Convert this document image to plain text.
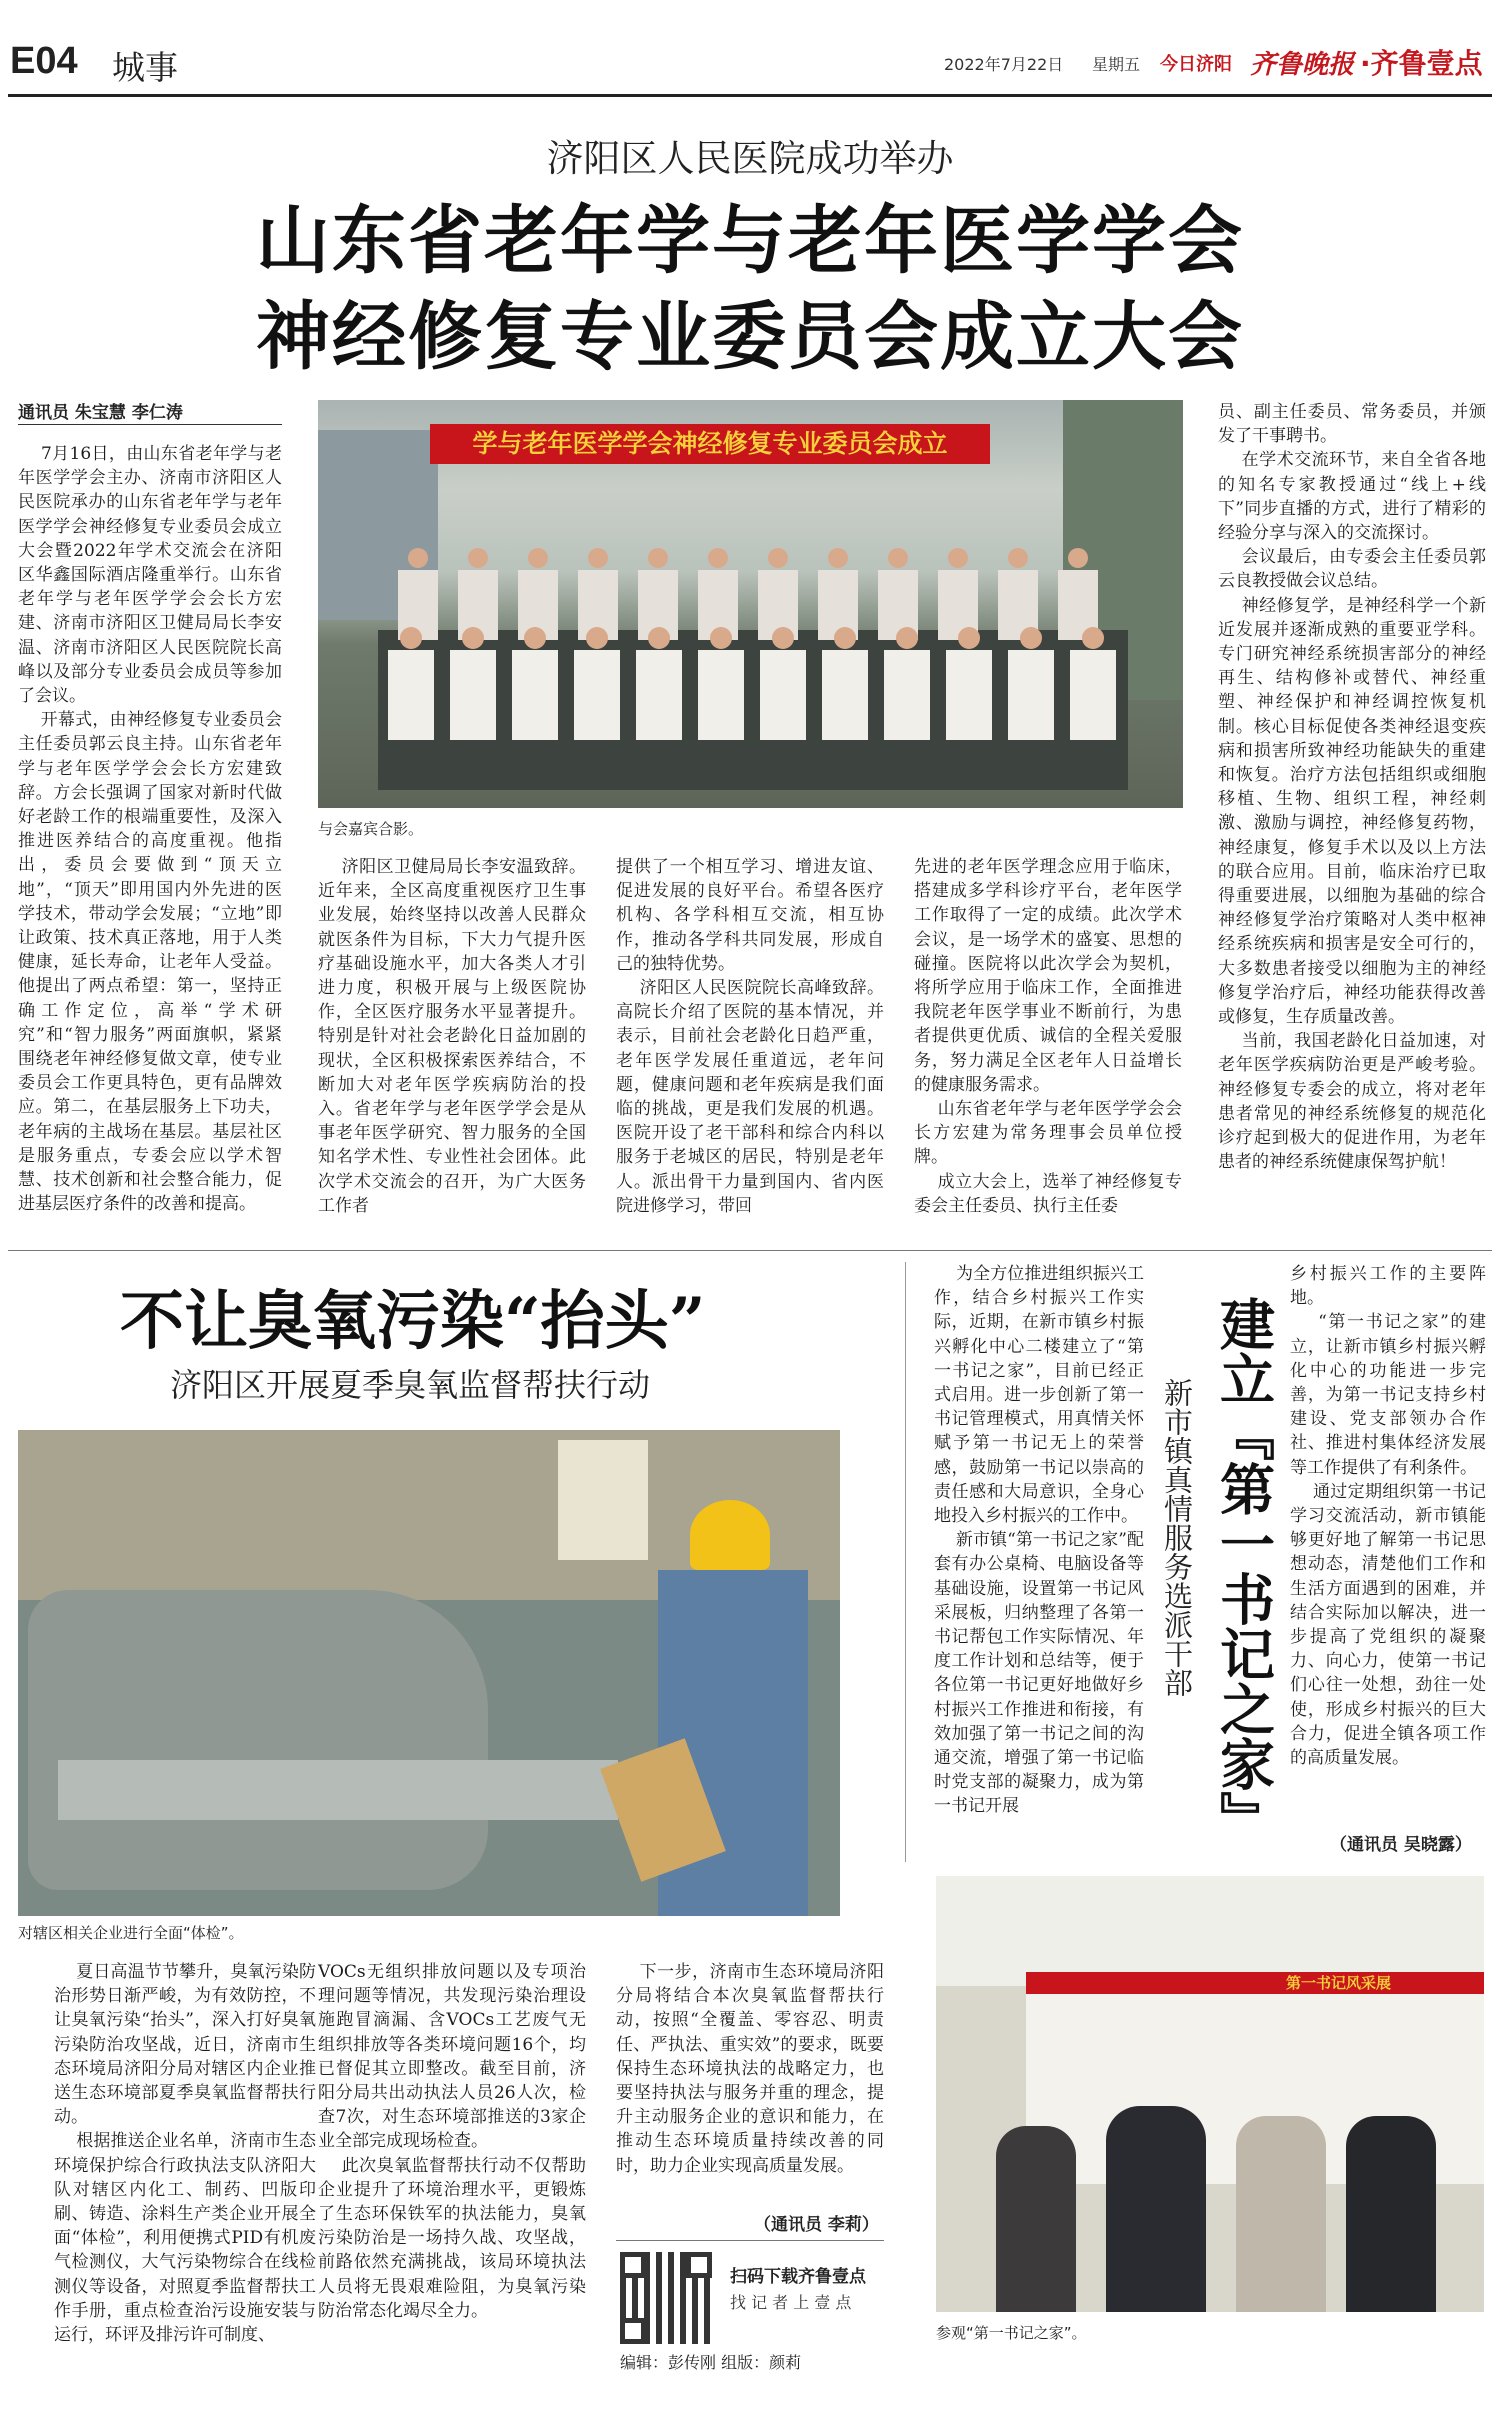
E04 城事	2022年7月22日 星期五 今日济阳 齐鲁晚报 ·齐鲁壹点
济阳区人民医院成功举办
山东省老年学与老年医学学会
神经修复专业委员会成立大会
通讯员 朱宝慧 李仁涛
学与老年医学学会神经修复专业委员会成立
与会嘉宾合影。
7月16日，由山东省老年学与老年医学学会主办、济南市济阳区人民医院承办的山东省老年学与老年医学学会神经修复专业委员会成立大会暨2022年学术交流会在济阳区华鑫国际酒店隆重举行。山东省老年学与老年医学学会会长方宏建、济南市济阳区卫健局局长李安温、济南市济阳区人民医院院长高峰以及部分专业委员会成员等参加了会议。
开幕式，由神经修复专业委员会主任委员郭云良主持。山东省老年学与老年医学学会会长方宏建致辞。方会长强调了国家对新时代做好老龄工作的根端重要性，及深入推进医养结合的高度重视。他指出，委员会要做到“顶天立地”，“顶天”即用国内外先进的医学技术，带动学会发展；“立地”即让政策、技术真正落地，用于人类健康，延长寿命，让老年人受益。他提出了两点希望：第一，坚持正确工作定位，高举“学术研究”和“智力服务”两面旗帜，紧紧围绕老年神经修复做文章，使专业委员会工作更具特色，更有品牌效应。第二，在基层服务上下功夫，老年病的主战场在基层。基层社区是服务重点，专委会应以学术智慧、技术创新和社会整合能力，促进基层医疗条件的改善和提高。
济阳区卫健局局长李安温致辞。近年来，全区高度重视医疗卫生事业发展，始终坚持以改善人民群众就医条件为目标，下大力气提升医疗基础设施水平，加大各类人才引进力度，积极开展与上级医院协作，全区医疗服务水平显著提升。特别是针对社会老龄化日益加剧的现状，全区积极探索医养结合，不断加大对老年医学疾病防治的投入。省老年学与老年医学学会是从事老年医学研究、智力服务的全国知名学术性、专业性社会团体。此次学术交流会的召开，为广大医务工作者
提供了一个相互学习、增进友谊、促进发展的良好平台。希望各医疗机构、各学科相互交流，相互协作，推动各学科共同发展，形成自己的独特优势。
济阳区人民医院院长高峰致辞。高院长介绍了医院的基本情况，并表示，目前社会老龄化日趋严重，老年医学发展任重道远，老年问题，健康问题和老年疾病是我们面临的挑战，更是我们发展的机遇。医院开设了老干部科和综合内科以服务于老城区的居民，特别是老年人。派出骨干力量到国内、省内医院进修学习，带回
先进的老年医学理念应用于临床，搭建成多学科诊疗平台，老年医学工作取得了一定的成绩。此次学术会议，是一场学术的盛宴、思想的碰撞。医院将以此次学会为契机，将所学应用于临床工作，全面推进我院老年医学事业不断前行，为患者提供更优质、诚信的全程关爱服务，努力满足全区老年人日益增长的健康服务需求。
山东省老年学与老年医学学会会长方宏建为常务理事会员单位授牌。
成立大会上，选举了神经修复专委会主任委员、执行主任委
员、副主任委员、常务委员，并颁发了干事聘书。
在学术交流环节，来自全省各地的知名专家教授通过“线上+线下”同步直播的方式，进行了精彩的经验分享与深入的交流探讨。
会议最后，由专委会主任委员郭云良教授做会议总结。
神经修复学，是神经科学一个新近发展并逐渐成熟的重要亚学科。专门研究神经系统损害部分的神经再生、结构修补或替代、神经重塑、神经保护和神经调控恢复机制。核心目标促使各类神经退变疾病和损害所致神经功能缺失的重建和恢复。治疗方法包括组织或细胞移植、生物、组织工程，神经刺激、激励与调控，神经修复药物，神经康复，修复手术以及以上方法的联合应用。目前，临床治疗已取得重要进展，以细胞为基础的综合神经修复学治疗策略对人类中枢神经系统疾病和损害是安全可行的，大多数患者接受以细胞为主的神经修复学治疗后，神经功能获得改善或修复，生存质量改善。
当前，我国老龄化日益加速，对老年医学疾病防治更是严峻考验。神经修复专委会的成立，将对老年患者常见的神经系统修复的规范化诊疗起到极大的促进作用，为老年患者的神经系统健康保驾护航！
不让臭氧污染“抬头”
济阳区开展夏季臭氧监督帮扶行动
对辖区相关企业进行全面“体检”。
夏日高温节节攀升，臭氧污染防治形势日渐严峻，为有效防控，不让臭氧污染“抬头”，深入打好臭氧污染防治攻坚战，近日，济南市生态环境局济阳分局对辖区内企业推送生态环境部夏季臭氧监督帮扶行动。
根据推送企业名单，济南市生态环境保护综合行政执法支队济阳大队对辖区内化工、制药、凹版印刷、铸造、涂料生产类企业开展全面“体检”，利用便携式PID有机废气检测仪，大气污染物综合在线检测仪等设备，对照夏季监督帮扶工作手册，重点检查治污设施安装与运行，环评及排污许可制度、
VOCs无组织排放问题以及专项治理问题等情况，共发现污染治理设施跑冒滴漏、含VOCs工艺废气无组织排放等各类环境问题16个，均已督促其立即整改。截至目前，济阳分局共出动执法人员26人次，检查7次，对生态环境部推送的3家企业全部完成现场检查。
此次臭氧监督帮扶行动不仅帮助企业提升了环境治理水平，更锻炼了生态环保铁军的执法能力，臭氧污染防治是一场持久战、攻坚战，前路依然充满挑战，该局环境执法人员将无畏艰难险阻，为臭氧污染防治常态化竭尽全力。
下一步，济南市生态环境局济阳分局将结合本次臭氧监督帮扶行动，按照“全覆盖、零容忍、明责任、严执法、重实效”的要求，既要保持生态环境执法的战略定力，也要坚持执法与服务并重的理念，提升主动服务企业的意识和能力，在推动生态环境质量持续改善的同时，助力企业实现高质量发展。
（通讯员 李莉）
扫码下载齐鲁壹点
找 记 者 上 壹 点
编辑：彭传刚 组版：颜莉
为全方位推进组织振兴工作，结合乡村振兴工作实际，近期，在新市镇乡村振兴孵化中心二楼建立了“第一书记之家”，目前已经正式启用。进一步创新了第一书记管理模式，用真情关怀赋予第一书记无上的荣誉感，鼓励第一书记以崇高的责任感和大局意识，全身心地投入乡村振兴的工作中。
新市镇“第一书记之家”配套有办公桌椅、电脑设备等基础设施，设置第一书记风采展板，归纳整理了各第一书记帮包工作实际情况、年度工作计划和总结等，便于各位第一书记更好地做好乡村振兴工作推进和衔接，有效加强了第一书记之间的沟通交流，增强了第一书记临时党支部的凝聚力，成为第一书记开展
新市镇真情服务选派干部 建立『第一书记之家』
乡村振兴工作的主要阵地。
“第一书记之家”的建立，让新市镇乡村振兴孵化中心的功能进一步完善，为第一书记支持乡村建设、党支部领办合作社、推进村集体经济发展等工作提供了有利条件。
通过定期组织第一书记学习交流活动，新市镇能够更好地了解第一书记思想动态，清楚他们工作和生活方面遇到的困难，并结合实际加以解决，进一步提高了党组织的凝聚力、向心力，使第一书记们心往一处想，劲往一处使，形成乡村振兴的巨大合力，促进全镇各项工作的高质量发展。
（通讯员 吴晓露）
第一书记风采展
参观“第一书记之家”。
